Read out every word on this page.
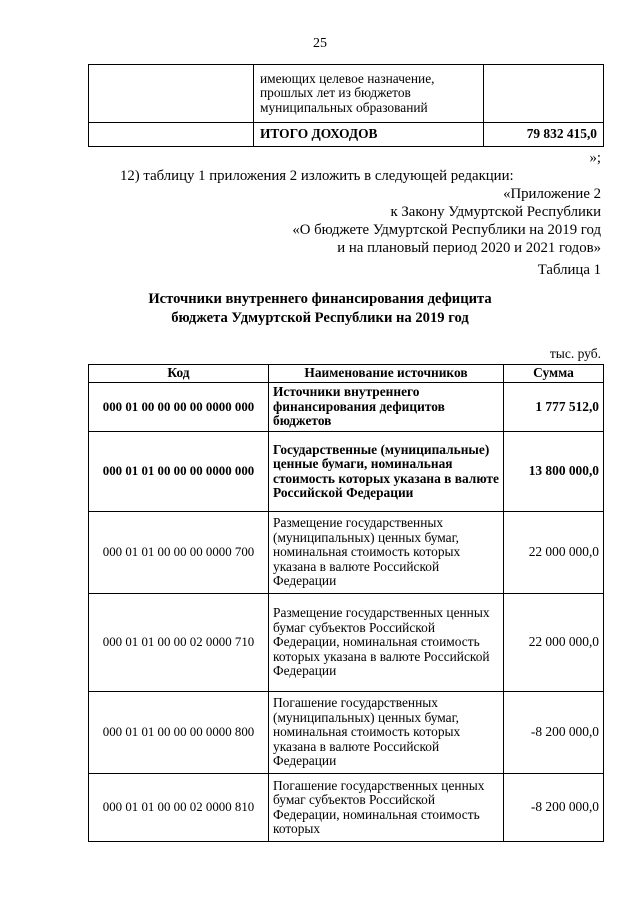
25
	имеющих целевое назначение, прошлых лет из бюджетов муниципальных образований	
	ИТОГО ДОХОДОВ	79 832 415,0
»;
12) таблицу 1 приложения 2 изложить в следующей редакции:
«Приложение 2
к Закону Удмуртской Республики
«О бюджете Удмуртской Республики на 2019 год
и на плановый период 2020 и 2021 годов»
Таблица 1
Источники внутреннего финансирования дефицита
бюджета Удмуртской Республики на 2019 год
тыс. руб.
Код	Наименование источников	Сумма
000 01 00 00 00 00 0000 000	Источники внутреннего финансирования дефицитов бюджетов	1 777 512,0
000 01 01 00 00 00 0000 000	Государственные (муниципальные) ценные бумаги, номинальная стоимость которых указана в валюте Российской Федерации	13 800 000,0
000 01 01 00 00 00 0000 700	Размещение государственных (муниципальных) ценных бумаг, номинальная стоимость которых указана в валюте Российской Федерации	22 000 000,0
000 01 01 00 00 02 0000 710	Размещение государственных ценных бумаг субъектов Российской Федерации, номинальная стоимость которых указана в валюте Российской Федерации	22 000 000,0
000 01 01 00 00 00 0000 800	Погашение государственных (муниципальных) ценных бумаг, номинальная стоимость которых указана в валюте Российской Федерации	-8 200 000,0
000 01 01 00 00 02 0000 810	Погашение государственных ценных бумаг субъектов Российской Федерации, номинальная стоимость которых	-8 200 000,0
